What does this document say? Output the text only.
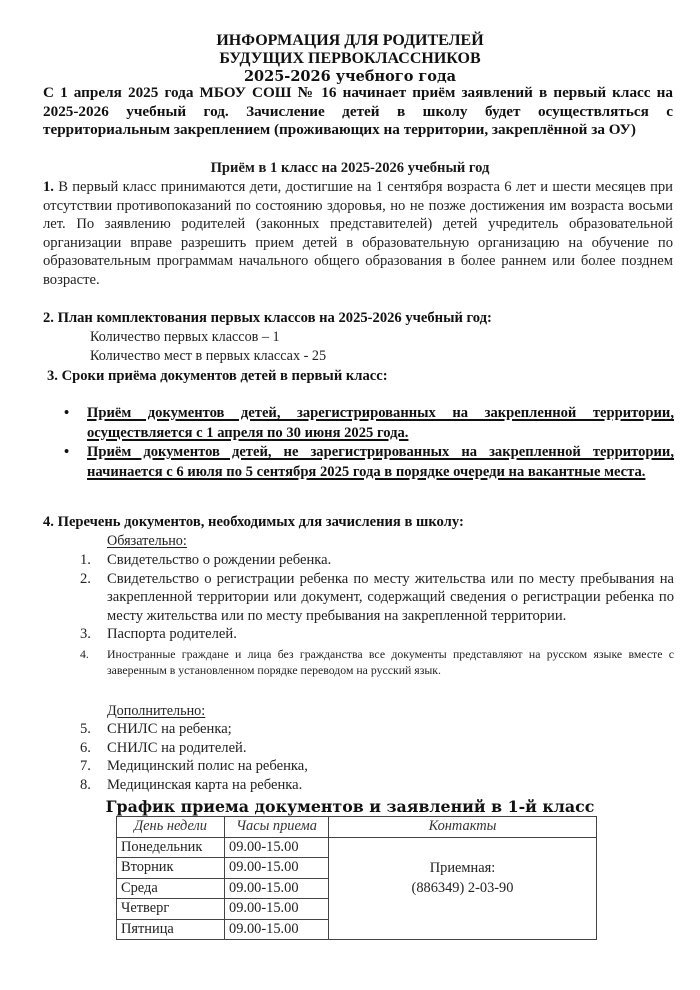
ИНФОРМАЦИЯ ДЛЯ РОДИТЕЛЕЙ
БУДУЩИХ ПЕРВОКЛАССНИКОВ
2025-2026 учебного года
С 1 апреля 2025 года МБОУ СОШ № 16 начинает приём заявлений в первый класс на 2025-2026 учебный год. Зачисление детей в школу будет осуществляться с территориальным закреплением (проживающих на территории, закреплённой за ОУ)
Приём в 1 класс на 2025-2026 учебный год
1. В первый класс принимаются дети, достигшие на 1 сентября возраста 6 лет и шести месяцев при отсутствии противопоказаний по состоянию здоровья, но не позже достижения им возраста восьми лет. По заявлению родителей (законных представителей) детей учредитель образовательной организации вправе разрешить прием детей в образовательную организацию на обучение по образовательным программам начального общего образования в более раннем или более позднем возрасте.
2. План комплектования первых классов на 2025-2026 учебный год:
Количество первых классов – 1
Количество мест в первых классах - 25
3. Сроки приёма документов детей в первый класс:
• Приём документов детей, зарегистрированных на закрепленной территории, осуществляется с 1 апреля по 30 июня 2025 года.
• Приём документов детей, не зарегистрированных на закрепленной территории, начинается с 6 июля по 5 сентября 2025 года в порядке очереди на вакантные места.
4. Перечень документов, необходимых для зачисления в школу:
Обязательно:
1. Свидетельство о рождении ребенка.
2. Свидетельство о регистрации ребенка по месту жительства или по месту пребывания на закрепленной территории или документ, содержащий сведения о регистрации ребенка по месту жительства или по месту пребывания на закрепленной территории.
3. Паспорта родителей.
4. Иностранные граждане и лица без гражданства все документы представляют на русском языке вместе с заверенным в установленном порядке переводом на русский язык.
Дополнительно:
5. СНИЛС на ребенка;
6. СНИЛС на родителей.
7. Медицинский полис на ребенка,
8. Медицинская карта на ребенка.
График приема документов и заявлений в 1-й класс
День недели	Часы приема	Контакты
Понедельник	09.00-15.00	Приемная:
(886349) 2-03-90

Вторник	09.00-15.00	
Среда	09.00-15.00	
Четверг	09.00-15.00	
Пятница	09.00-15.00	
